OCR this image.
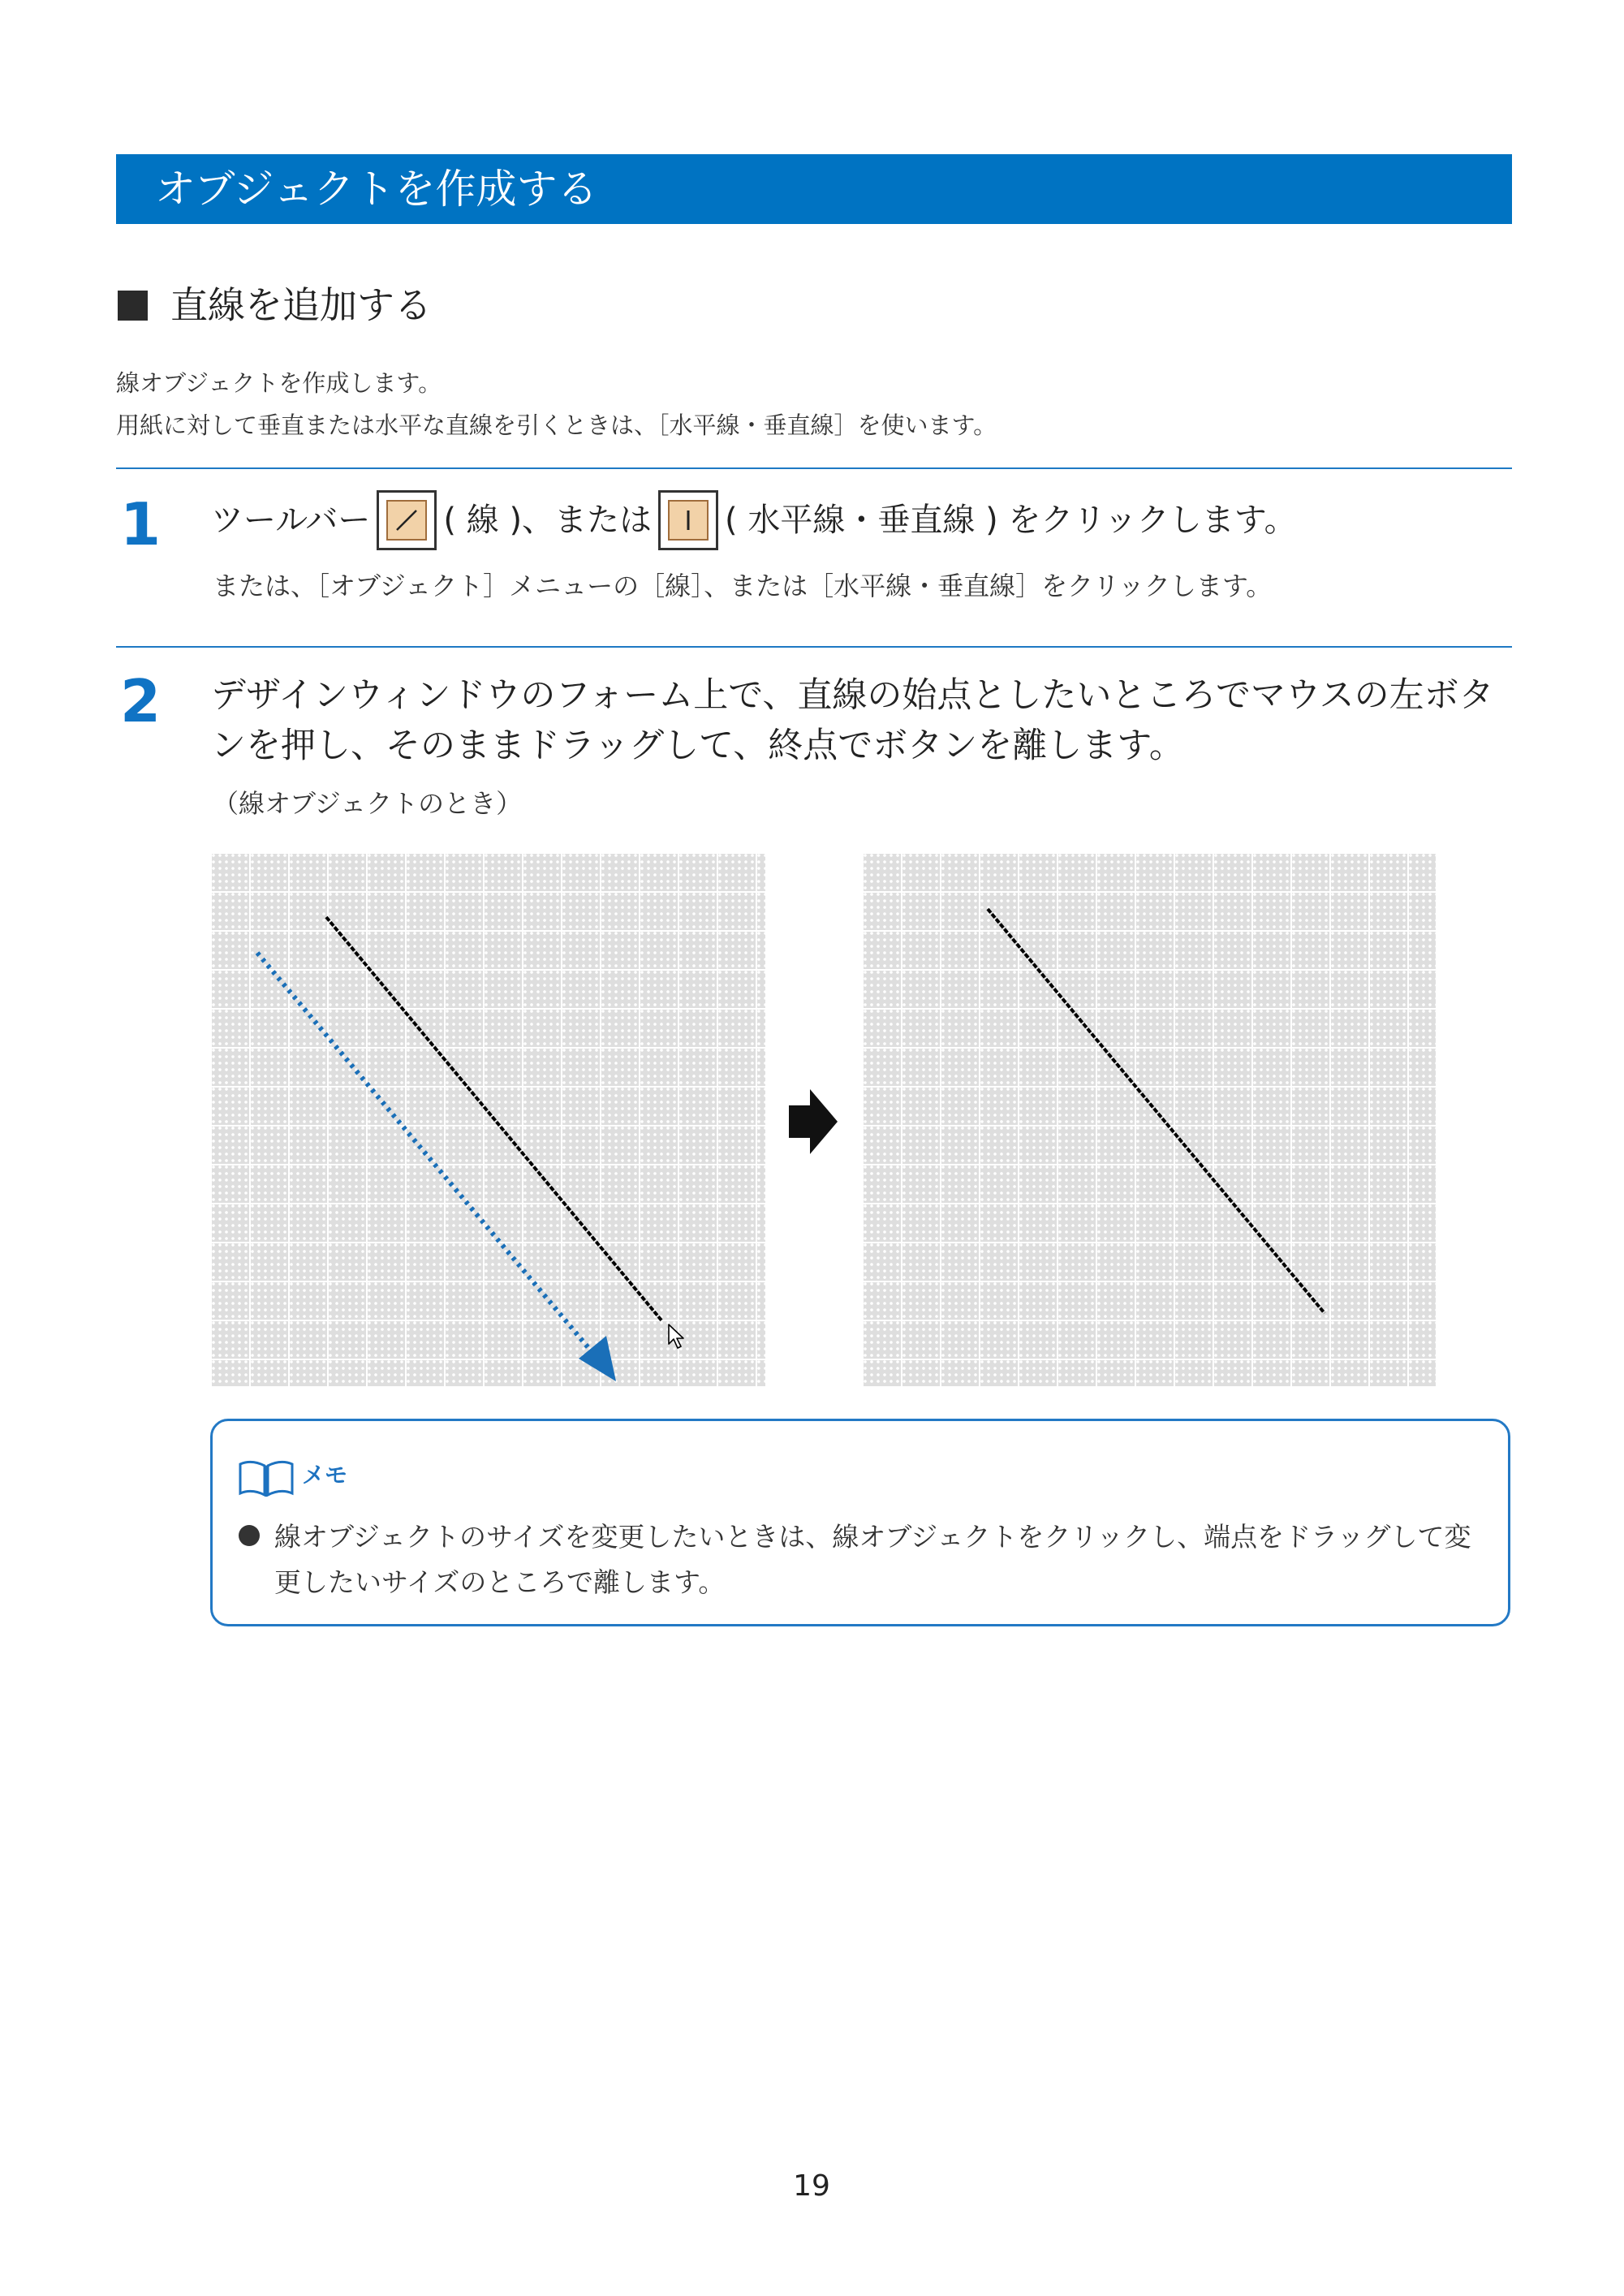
オブジェクトを作成する
直線を追加する
線オブジェクトを作成します。
用紙に対して垂直または水平な直線を引くときは、［水平線・垂直線］を使います。
1 ツールバー ( 線 )、または ( 水平線・垂直線 ) をクリックします。
または、［オブジェクト］メニューの［線］、または［水平線・垂直線］をクリックします。
2 デザインウィンドウのフォーム上で、直線の始点としたいところでマウスの左ボタンを押し、そのままドラッグして、終点でボタンを離します。
（線オブジェクトのとき）
メモ
線オブジェクトのサイズを変更したいときは、線オブジェクトをクリックし、端点をドラッグして変更したいサイズのところで離します。
19
